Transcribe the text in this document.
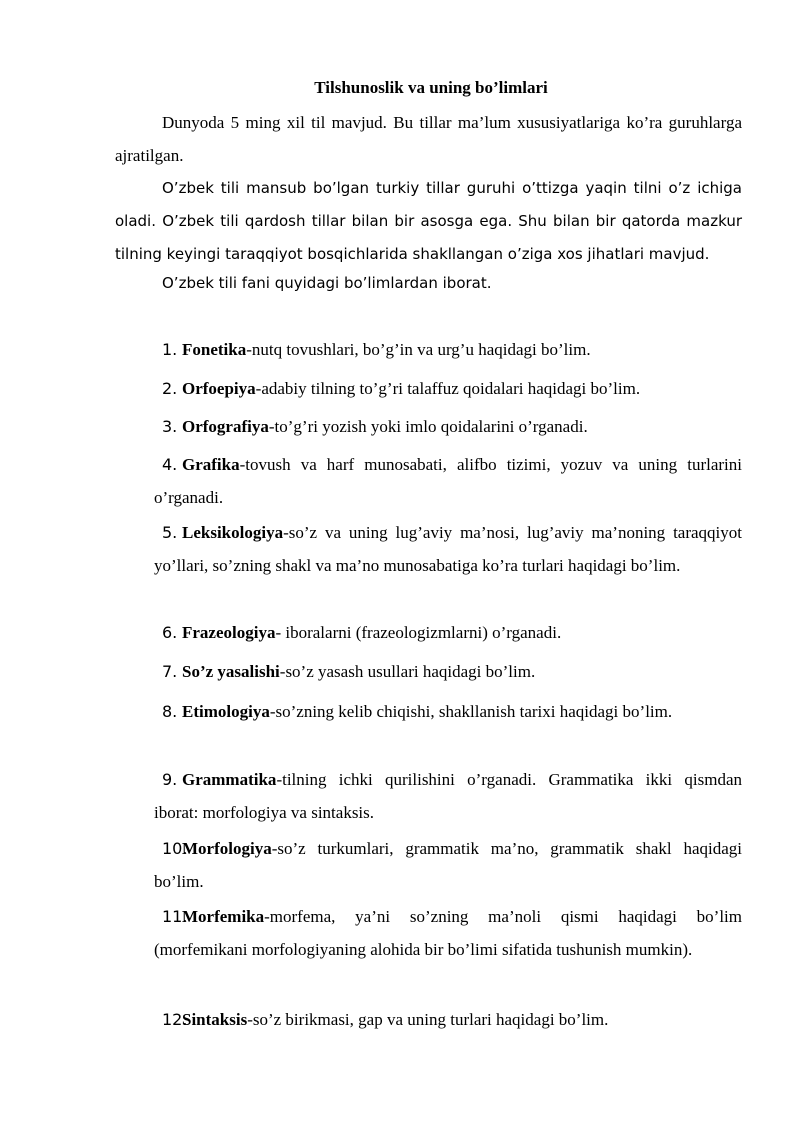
Tilshunoslik va uning bo’limlari
Dunyoda 5 ming xil til mavjud. Bu tillar ma’lum xususiyatlariga ko’ra guruhlarga ajratilgan.
O’zbek tili mansub bo’lgan turkiy tillar guruhi o’ttizga yaqin tilni o’z ichiga oladi. O’zbek tili qardosh tillar bilan bir asosga ega. Shu bilan bir qatorda mazkur tilning keyingi taraqqiyot bosqichlarida shakllangan o’ziga xos jihatlari mavjud.
O’zbek tili fani quyidagi bo’limlardan iborat.
1. Fonetika-nutq tovushlari, bo’g’in va urg’u haqidagi bo’lim.
2. Orfoepiya-adabiy tilning to’g’ri talaffuz qoidalari haqidagi bo’lim.
3. Orfografiya-to’g’ri yozish yoki imlo qoidalarini o’rganadi.
4. Grafika-tovush va harf munosabati, alifbo tizimi, yozuv va uning turlarini o’rganadi.
5. Leksikologiya-so’z va uning lug’aviy ma’nosi, lug’aviy ma’noning taraqqiyot yo’llari, so’zning shakl va ma’no munosabatiga ko’ra turlari haqidagi bo’lim.
6. Frazeologiya- iboralarni (frazeologizmlarni) o’rganadi.
7. So’z yasalishi-so’z yasash usullari haqidagi bo’lim.
8. Etimologiya-so’zning kelib chiqishi, shakllanish tarixi haqidagi bo’lim.
9. Grammatika-tilning ichki qurilishini o’rganadi. Grammatika ikki qismdan iborat: morfologiya va sintaksis.
10.
Morfologiya-so’z turkumlari, grammatik ma’no, grammatik shakl haqidagi bo’lim.
11.
Morfemika-morfema, ya’ni so’zning ma’noli qismi haqidagi bo’lim (morfemikani morfologiyaning alohida bir bo’limi sifatida tushunish mumkin).
12.
Sintaksis-so’z birikmasi, gap va uning turlari haqidagi bo’lim.
